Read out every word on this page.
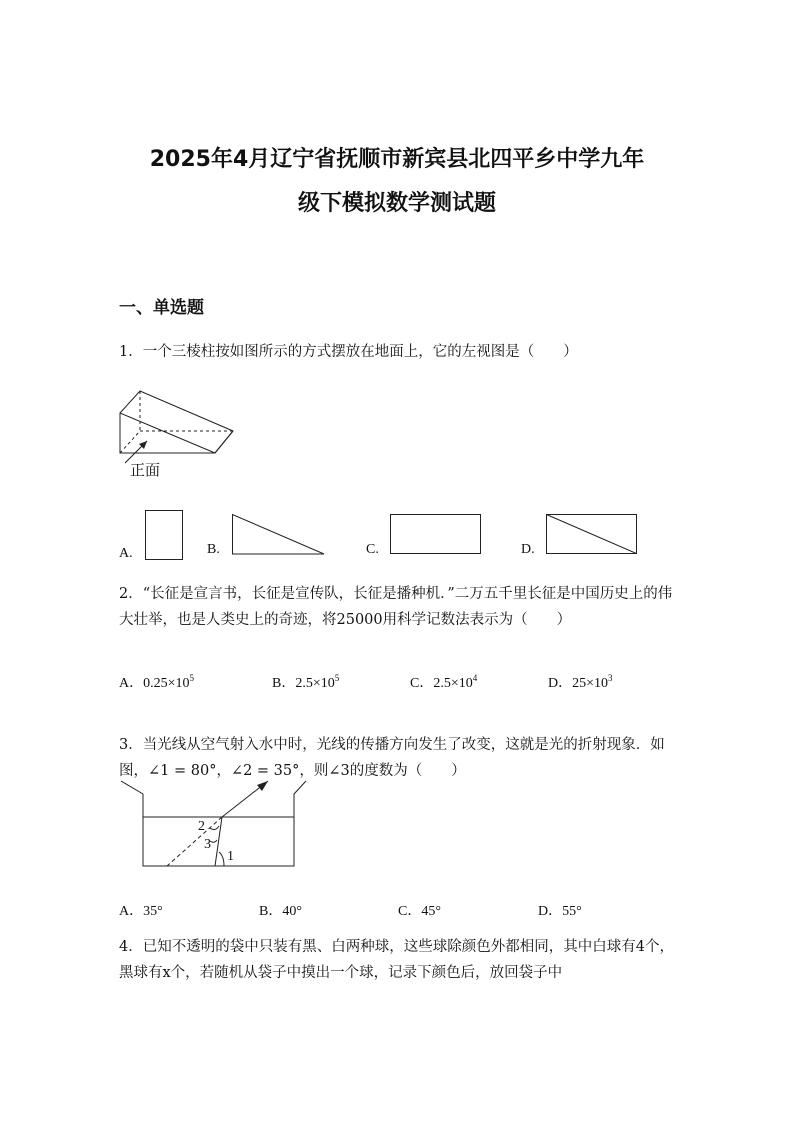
2025年4月辽宁省抚顺市新宾县北四平乡中学九年
级下模拟数学测试题
一、单选题
1．一个三棱柱按如图所示的方式摆放在地面上，它的左视图是（　　）
正面
A.	B.	C.	D.
2．“长征是宣言书，长征是宣传队，长征是播种机．”二万五千里长征是中国历史上的伟大壮举，也是人类史上的奇迹，将25000用科学记数法表示为（　　）
A．$0.25\times 10^5$	B．$2.5\times 10^5$	C．$2.5\times 10^4$	D．$25\times 10^3$
3．当光线从空气射入水中时，光线的传播方向发生了改变，这就是光的折射现象．如图，∠1 = 80°，∠2 = 35°，则∠3的度数为（　　）
2
3
1
A．35°	B．40°	C．45°	D．55°
4．已知不透明的袋中只装有黑、白两种球，这些球除颜色外都相同，其中白球有4个，黑球有x个，若随机从袋子中摸出一个球，记录下颜色后，放回袋子中
